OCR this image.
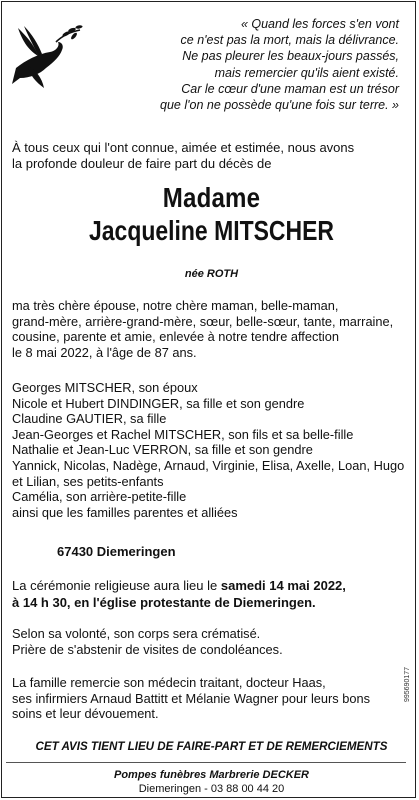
« Quand les forces s'en vont
ce n'est pas la mort, mais la délivrance.
Ne pas pleurer les beaux-jours passés,
mais remercier qu'ils aient existé.
Car le cœur d'une maman est un trésor
que l'on ne possède qu'une fois sur terre. »
À tous ceux qui l'ont connue, aimée et estimée, nous avons
la profonde douleur de faire part du décès de
Madame
Jacqueline MITSCHER
née ROTH
ma très chère épouse, notre chère maman, belle-maman,
grand-mère, arrière-grand-mère, sœur, belle-sœur, tante, marraine,
cousine, parente et amie, enlevée à notre tendre affection
le 8 mai 2022, à l'âge de 87 ans.
Georges MITSCHER, son époux
Nicole et Hubert DINDINGER, sa fille et son gendre
Claudine GAUTIER, sa fille
Jean-Georges et Rachel MITSCHER, son fils et sa belle-fille
Nathalie et Jean-Luc VERRON, sa fille et son gendre
Yannick, Nicolas, Nadège, Arnaud, Virginie, Elisa, Axelle, Loan, Hugo
et Lilian, ses petits-enfants
Camélia, son arrière-petite-fille
ainsi que les familles parentes et alliées
67430 Diemeringen
La cérémonie religieuse aura lieu le samedi 14 mai 2022,
à 14 h 30, en l'église protestante de Diemeringen.
Selon sa volonté, son corps sera crématisé.
Prière de s'abstenir de visites de condoléances.
La famille remercie son médecin traitant, docteur Haas,
ses infirmiers Arnaud Battitt et Mélanie Wagner pour leurs bons
soins et leur dévouement.
CET AVIS TIENT LIEU DE FAIRE-PART ET DE REMERCIEMENTS
Pompes funèbres Marbrerie DECKER
Diemeringen - 03 88 00 44 20
995690177
